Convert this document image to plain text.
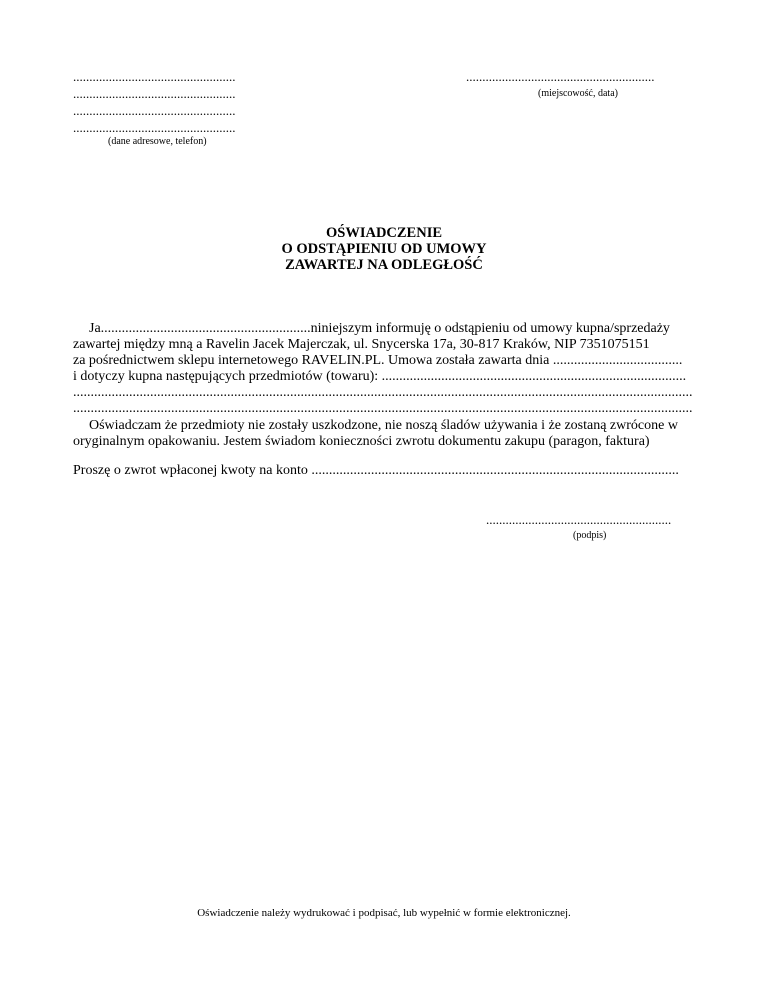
..................................................
..................................................
..................................................
..................................................
(dane adresowe, telefon)
..........................................................
(miejscowość, data)
OŚWIADCZENIE
O ODSTĄPIENIU OD UMOWY
ZAWARTEJ NA ODLEGŁOŚĆ
Ja............................................................niniejszym informuję o odstąpieniu od umowy kupna/sprzedaży
zawartej między mną a Ravelin Jacek Majerczak, ul. Snycerska 17a, 30-817 Kraków, NIP 7351075151
za pośrednictwem sklepu internetowego RAVELIN.PL. Umowa została zawarta dnia .....................................
i dotyczy kupna następujących przedmiotów (towaru): .......................................................................................
.................................................................................................................................................................................
.................................................................................................................................................................................
Oświadczam że przedmioty nie zostały uszkodzone, nie noszą śladów używania i że zostaną zwrócone w
oryginalnym opakowaniu. Jestem świadom konieczności zwrotu dokumentu zakupu (paragon, faktura)
Proszę o zwrot wpłaconej kwoty na konto .........................................................................................................
.........................................................
(podpis)
Oświadczenie należy wydrukować i podpisać, lub wypełnić w formie elektronicznej.
